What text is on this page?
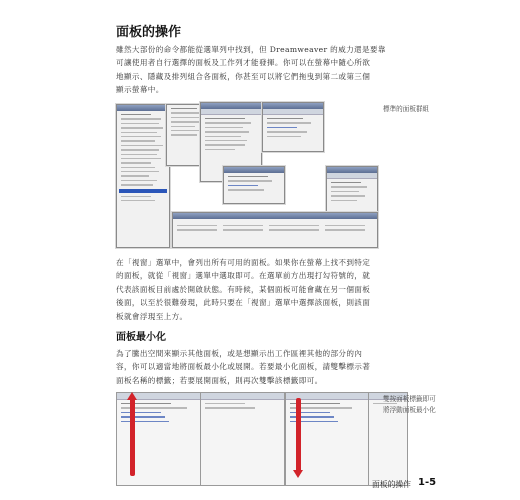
面板的操作
雖然大部份的命令都能從選單列中找到，但 Dreamweaver 的威力還是要靠
可讓使用者自行選擇的面板及工作列才能發揮。你可以在螢幕中隨心所欲
地顯示、隱藏及排列組合各面板，你甚至可以將它們拖曳到第二或第三個
顯示螢幕中。
標準的面板群組
在「視窗」選單中，會列出所有可用的面板。如果你在螢幕上找不到特定
的面板，就從「視窗」選單中選取即可。在選單前方出現打勾符號的，就
代表該面板目前處於開啟狀態。有時候，某個面板可能會藏在另一個面板
後面，以至於很難發現，此時只要在「視窗」選單中選擇該面板，則該面
板就會浮現至上方。
面板最小化
為了騰出空間來顯示其他面板，或是想顯示出工作區裡其他的部分的內
容，你可以適當地將面板最小化或展開。若要最小化面板，請雙擊標示著
面板名稱的標籤；若要展開面板，則再次雙擊該標籤即可。
雙按面板標籤即可
將浮動面板最小化
面板的操作 1-5
